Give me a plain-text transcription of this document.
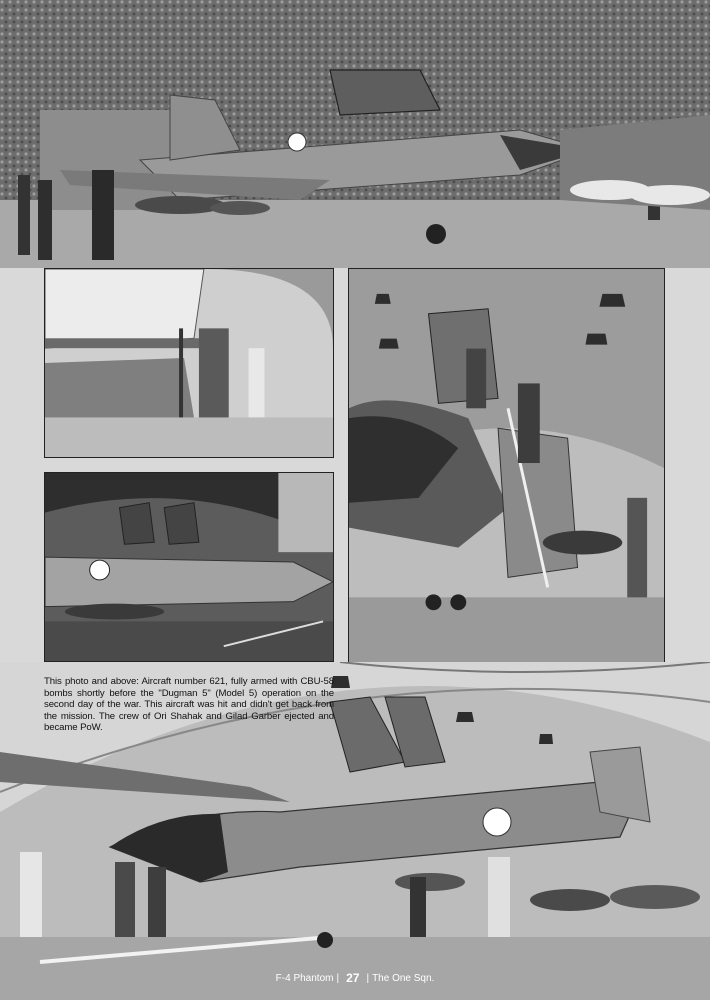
This photo and above: Aircraft number 621, fully armed with CBU-58 bombs shortly before the "Dugman 5" (Model 5) operation on the second day of the war. This aircraft was hit and didn't get back from the mission. The crew of Ori Shahak and Gilad Garber ejected and became PoW.
F-4 Phantom | 27 | The One Sqn.
